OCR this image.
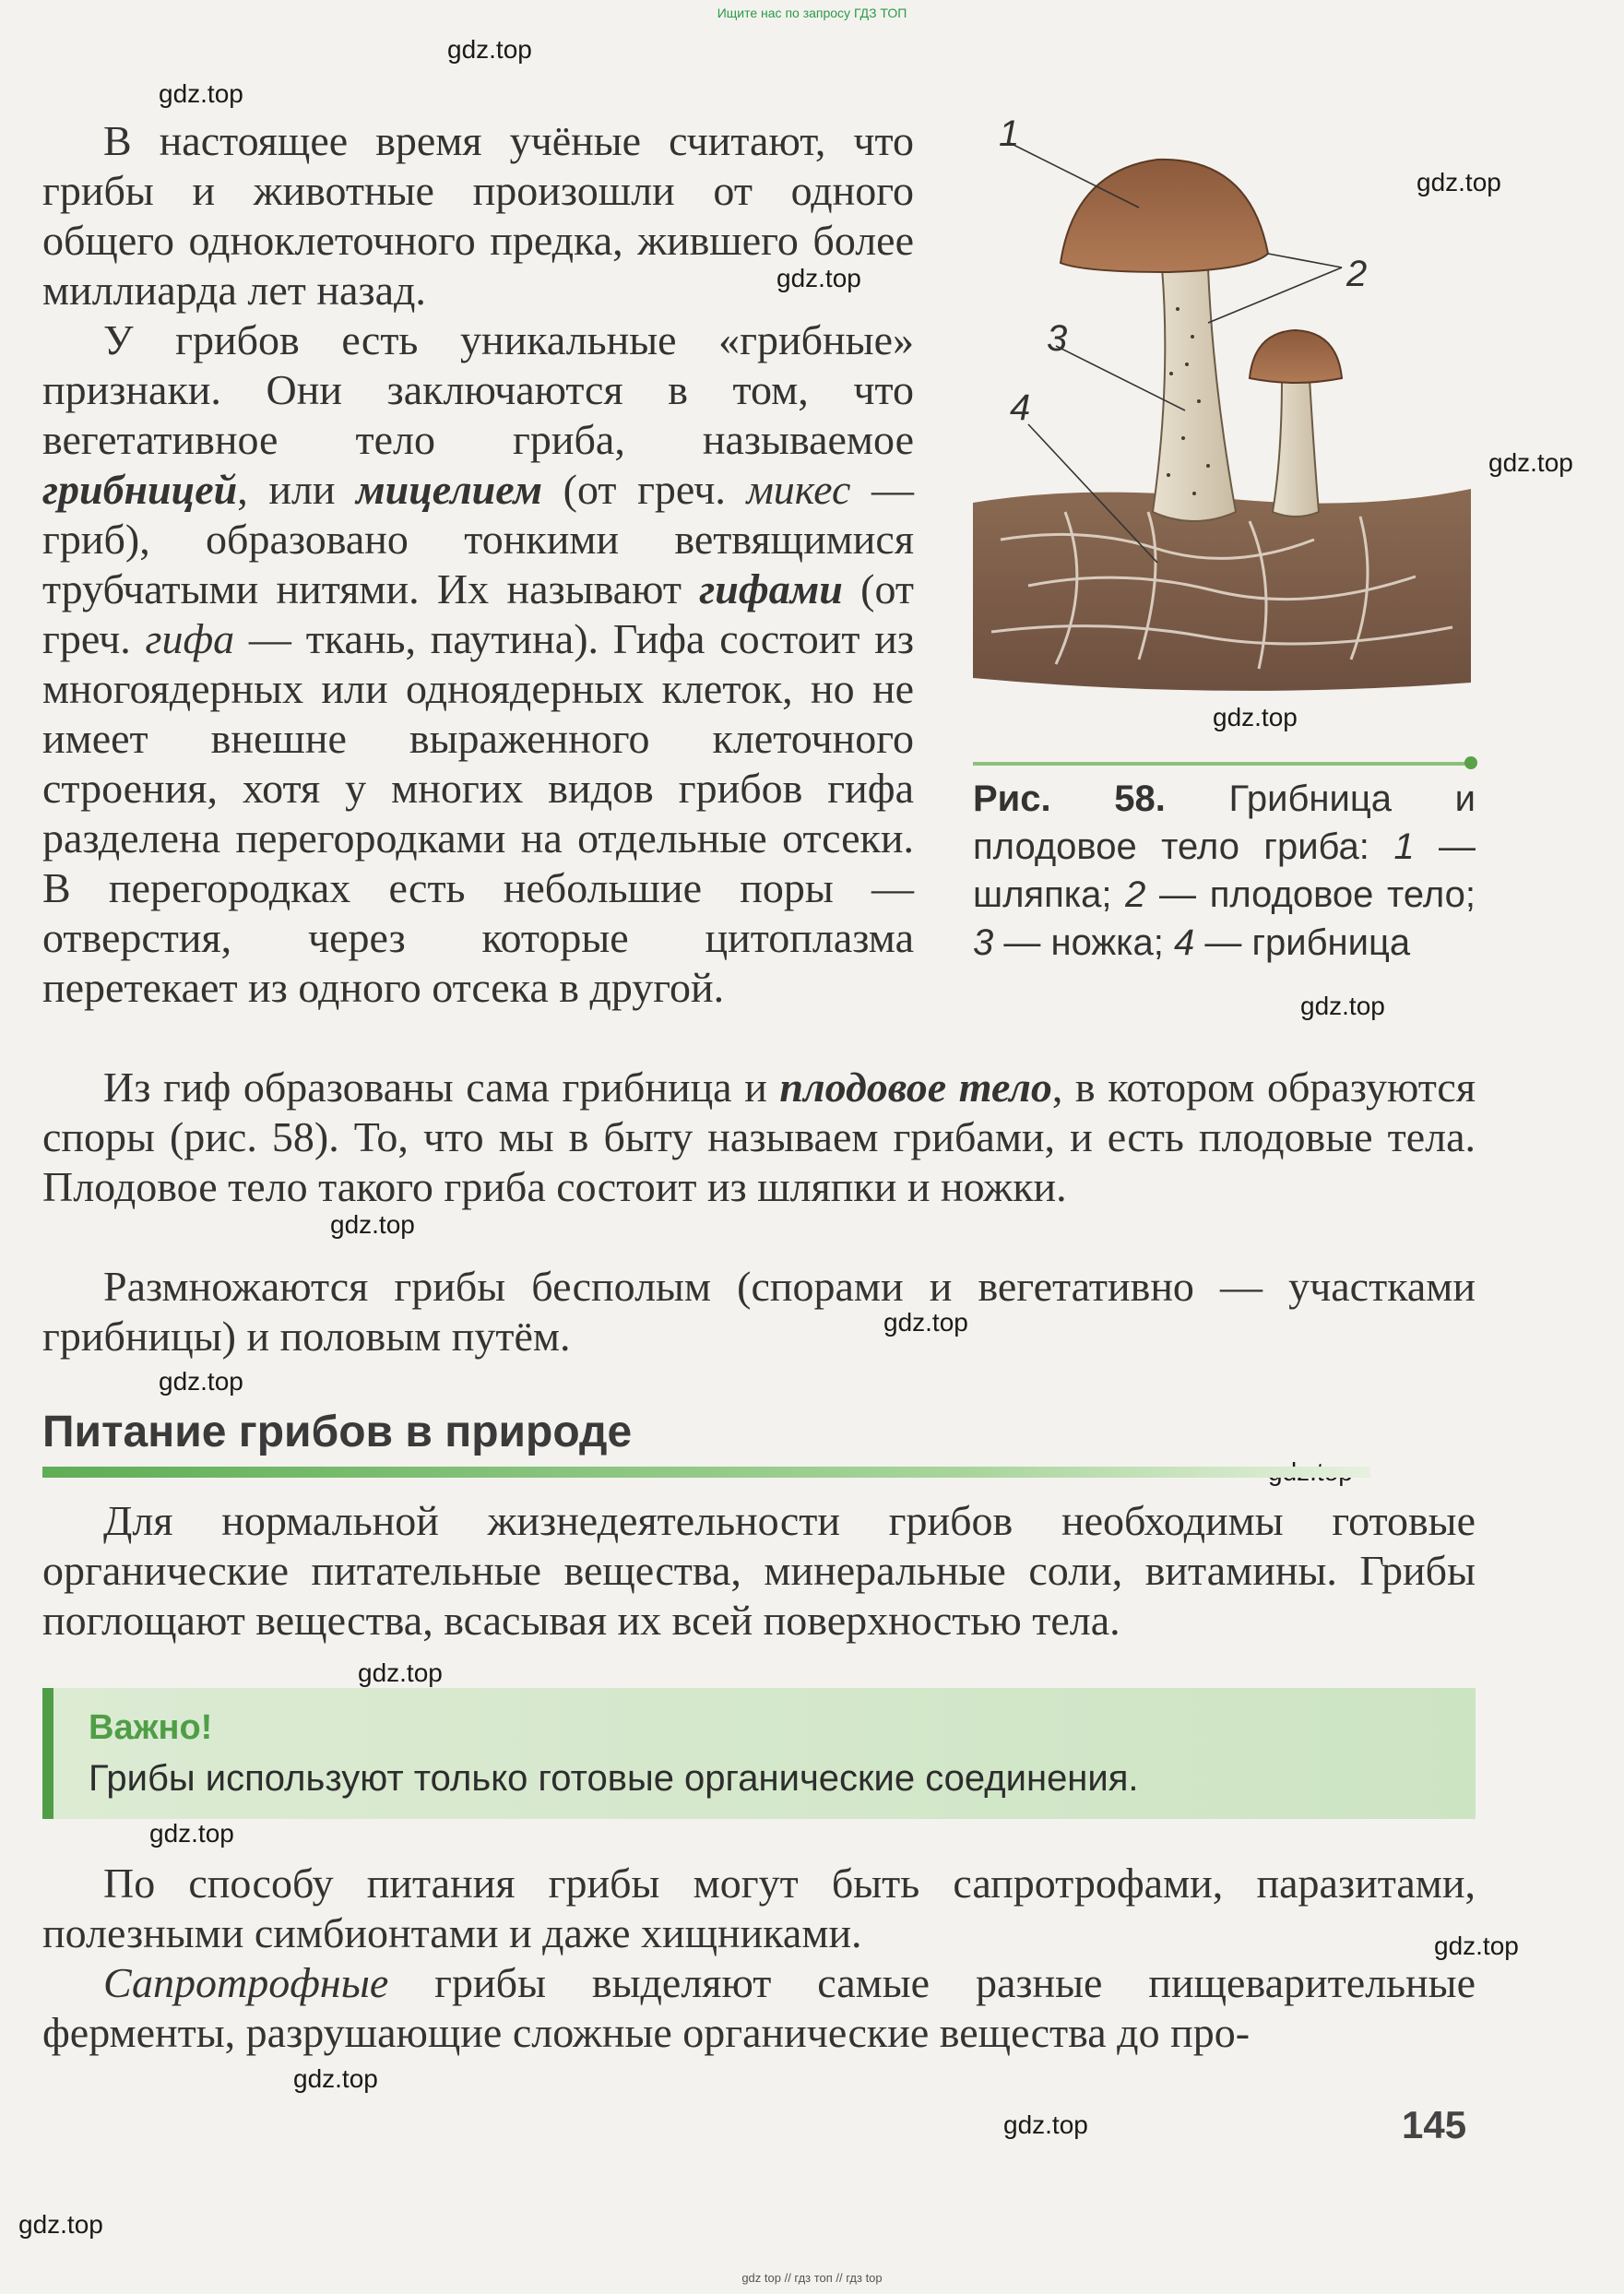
Ищите нас по запросу ГДЗ ТОП
gdz.top
gdz.top
gdz.top
gdz.top
gdz.top
gdz.top
gdz.top
gdz.top
gdz.top
gdz.top
gdz.top
gdz.top
gdz.top
gdz.top
gdz.top
gdz.top

В настоящее время учёные считают, что грибы и животные произошли от одного общего одноклеточного предка, жившего более миллиарда лет назад.

У грибов есть уникальные «грибные» признаки. Они заключаются в том, что вегетативное тело гриба, называемое грибницей, или мицелием (от греч. микес — гриб), образовано тонкими ветвящимися трубчатыми нитями. Их называют гифами (от греч. гифа — ткань, паутина). Гифа состоит из многоядерных или одноядерных клеток, но не имеет внешне выраженного клеточного строения, хотя у многих видов грибов гифа разделена перегородками на отдельные отсеки. В перегородках есть небольшие поры — отверстия, через которые цитоплазма перетекает из одного отсека в другой.

1
2
3
4
Рис. 58. Грибница и плодовое тело гриба: 1 — шляпка; 2 — плодовое тело; 3 — ножка; 4 — грибница

Из гиф образованы сама грибница и плодовое тело, в котором образуются споры (рис. 58). То, что мы в быту называем грибами, и есть плодовые тела. Плодовое тело такого гриба состоит из шляпки и ножки.

Размножаются грибы бесполым (спорами и вегетативно — участками грибницы) и половым путём.

Питание грибов в природе

Для нормальной жизнедеятельности грибов необходимы готовые органические питательные вещества, минеральные соли, витамины. Грибы поглощают вещества, всасывая их всей поверхностью тела.

Важно!
Грибы используют только готовые органические соединения.

По способу питания грибы могут быть сапротрофами, паразитами, полезными симбионтами и даже хищниками.

Сапротрофные грибы выделяют самые разные пищеварительные ферменты, разрушающие сложные органические вещества до про-

145
gdz top // гдз топ // гдз top
